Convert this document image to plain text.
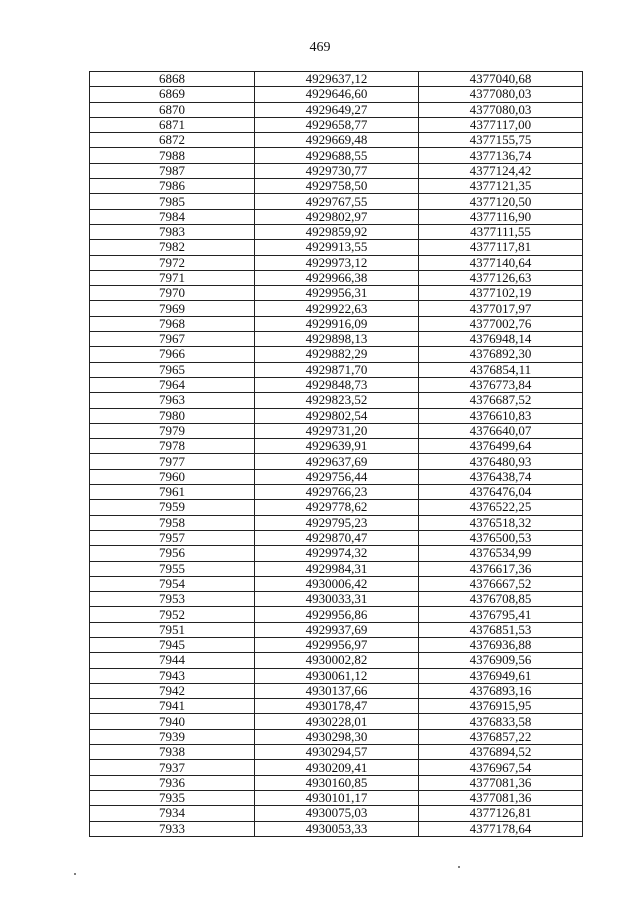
469
6868	4929637,12	4377040,68
6869	4929646,60	4377080,03
6870	4929649,27	4377080,03
6871	4929658,77	4377117,00
6872	4929669,48	4377155,75
7988	4929688,55	4377136,74
7987	4929730,77	4377124,42
7986	4929758,50	4377121,35
7985	4929767,55	4377120,50
7984	4929802,97	4377116,90
7983	4929859,92	4377111,55
7982	4929913,55	4377117,81
7972	4929973,12	4377140,64
7971	4929966,38	4377126,63
7970	4929956,31	4377102,19
7969	4929922,63	4377017,97
7968	4929916,09	4377002,76
7967	4929898,13	4376948,14
7966	4929882,29	4376892,30
7965	4929871,70	4376854,11
7964	4929848,73	4376773,84
7963	4929823,52	4376687,52
7980	4929802,54	4376610,83
7979	4929731,20	4376640,07
7978	4929639,91	4376499,64
7977	4929637,69	4376480,93
7960	4929756,44	4376438,74
7961	4929766,23	4376476,04
7959	4929778,62	4376522,25
7958	4929795,23	4376518,32
7957	4929870,47	4376500,53
7956	4929974,32	4376534,99
7955	4929984,31	4376617,36
7954	4930006,42	4376667,52
7953	4930033,31	4376708,85
7952	4929956,86	4376795,41
7951	4929937,69	4376851,53
7945	4929956,97	4376936,88
7944	4930002,82	4376909,56
7943	4930061,12	4376949,61
7942	4930137,66	4376893,16
7941	4930178,47	4376915,95
7940	4930228,01	4376833,58
7939	4930298,30	4376857,22
7938	4930294,57	4376894,52
7937	4930209,41	4376967,54
7936	4930160,85	4377081,36
7935	4930101,17	4377081,36
7934	4930075,03	4377126,81
7933	4930053,33	4377178,64
